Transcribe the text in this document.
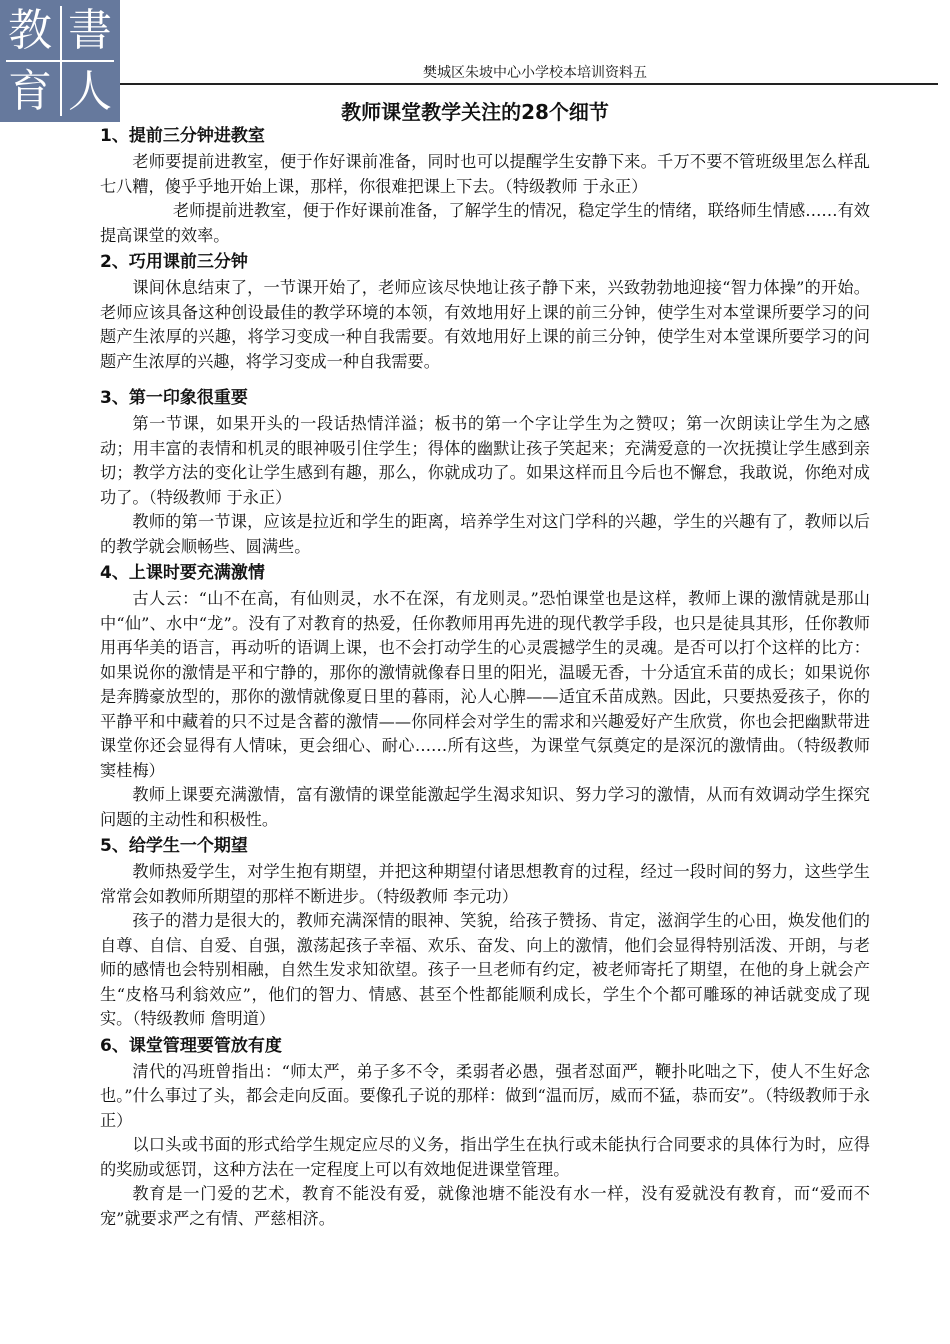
教 書
育 人	樊城区朱坡中心小学校本培训资料五
教师课堂教学关注的28个细节
1、提前三分钟进教室

老师要提前进教室，便于作好课前准备，同时也可以提醒学生安静下来。千万不要不管班级里怎么样乱七八糟，傻乎乎地开始上课，那样，你很难把课上下去。（特级教师 于永正）

老师提前进教室，便于作好课前准备，了解学生的情况，稳定学生的情绪，联络师生情感……有效提高课堂的效率。

2、巧用课前三分钟

课间休息结束了，一节课开始了，老师应该尽快地让孩子静下来，兴致勃勃地迎接“智力体操”的开始。老师应该具备这种创设最佳的教学环境的本领，有效地用好上课的前三分钟，使学生对本堂课所要学习的问题产生浓厚的兴趣，将学习变成一种自我需要。有效地用好上课的前三分钟，使学生对本堂课所要学习的问题产生浓厚的兴趣，将学习变成一种自我需要。

3、第一印象很重要

第一节课，如果开头的一段话热情洋溢；板书的第一个字让学生为之赞叹；第一次朗读让学生为之感动；用丰富的表情和机灵的眼神吸引住学生；得体的幽默让孩子笑起来；充满爱意的一次抚摸让学生感到亲切；教学方法的变化让学生感到有趣，那么，你就成功了。如果这样而且今后也不懈怠，我敢说，你绝对成功了。（特级教师 于永正）

教师的第一节课，应该是拉近和学生的距离，培养学生对这门学科的兴趣，学生的兴趣有了，教师以后的教学就会顺畅些、圆满些。

4、上课时要充满激情

古人云：“山不在高，有仙则灵，水不在深，有龙则灵。”恐怕课堂也是这样，教师上课的激情就是那山中“仙”、水中“龙”。没有了对教育的热爱，任你教师用再先进的现代教学手段，也只是徒具其形，任你教师用再华美的语言，再动听的语调上课，也不会打动学生的心灵震撼学生的灵魂。是否可以打个这样的比方：如果说你的激情是平和宁静的，那你的激情就像春日里的阳光，温暖无香，十分适宜禾苗的成长；如果说你是奔腾豪放型的，那你的激情就像夏日里的暮雨，沁人心脾——适宜禾苗成熟。因此，只要热爱孩子，你的平静平和中藏着的只不过是含蓄的激情——你同样会对学生的需求和兴趣爱好产生欣赏，你也会把幽默带进课堂你还会显得有人情味，更会细心、耐心……所有这些，为课堂气氛奠定的是深沉的激情曲。（特级教师 窦桂梅）

教师上课要充满激情，富有激情的课堂能激起学生渴求知识、努力学习的激情，从而有效调动学生探究问题的主动性和积极性。

5、给学生一个期望

教师热爱学生，对学生抱有期望，并把这种期望付诸思想教育的过程，经过一段时间的努力，这些学生常常会如教师所期望的那样不断进步。（特级教师 李元功）

孩子的潜力是很大的，教师充满深情的眼神、笑貌，给孩子赞扬、肯定，滋润学生的心田，焕发他们的自尊、自信、自爱、自强，激荡起孩子幸福、欢乐、奋发、向上的激情，他们会显得特别活泼、开朗，与老师的感情也会特别相融，自然生发求知欲望。孩子一旦老师有约定，被老师寄托了期望，在他的身上就会产生“皮格马利翁效应”，他们的智力、情感、甚至个性都能顺利成长，学生个个都可雕琢的神话就变成了现实。（特级教师 詹明道）

6、课堂管理要管放有度

清代的冯班曾指出：“师太严，弟子多不令，柔弱者必愚，强者怼面严，鞭扑叱咄之下，使人不生好念也。”什么事过了头，都会走向反面。要像孔子说的那样：做到“温而厉，威而不猛，恭而安”。（特级教师于永正）

以口头或书面的形式给学生规定应尽的义务，指出学生在执行或未能执行合同要求的具体行为时，应得的奖励或惩罚，这种方法在一定程度上可以有效地促进课堂管理。

教育是一门爱的艺术，教育不能没有爱，就像池塘不能没有水一样，没有爱就没有教育，而“爱而不宠”就要求严之有情、严慈相济。
